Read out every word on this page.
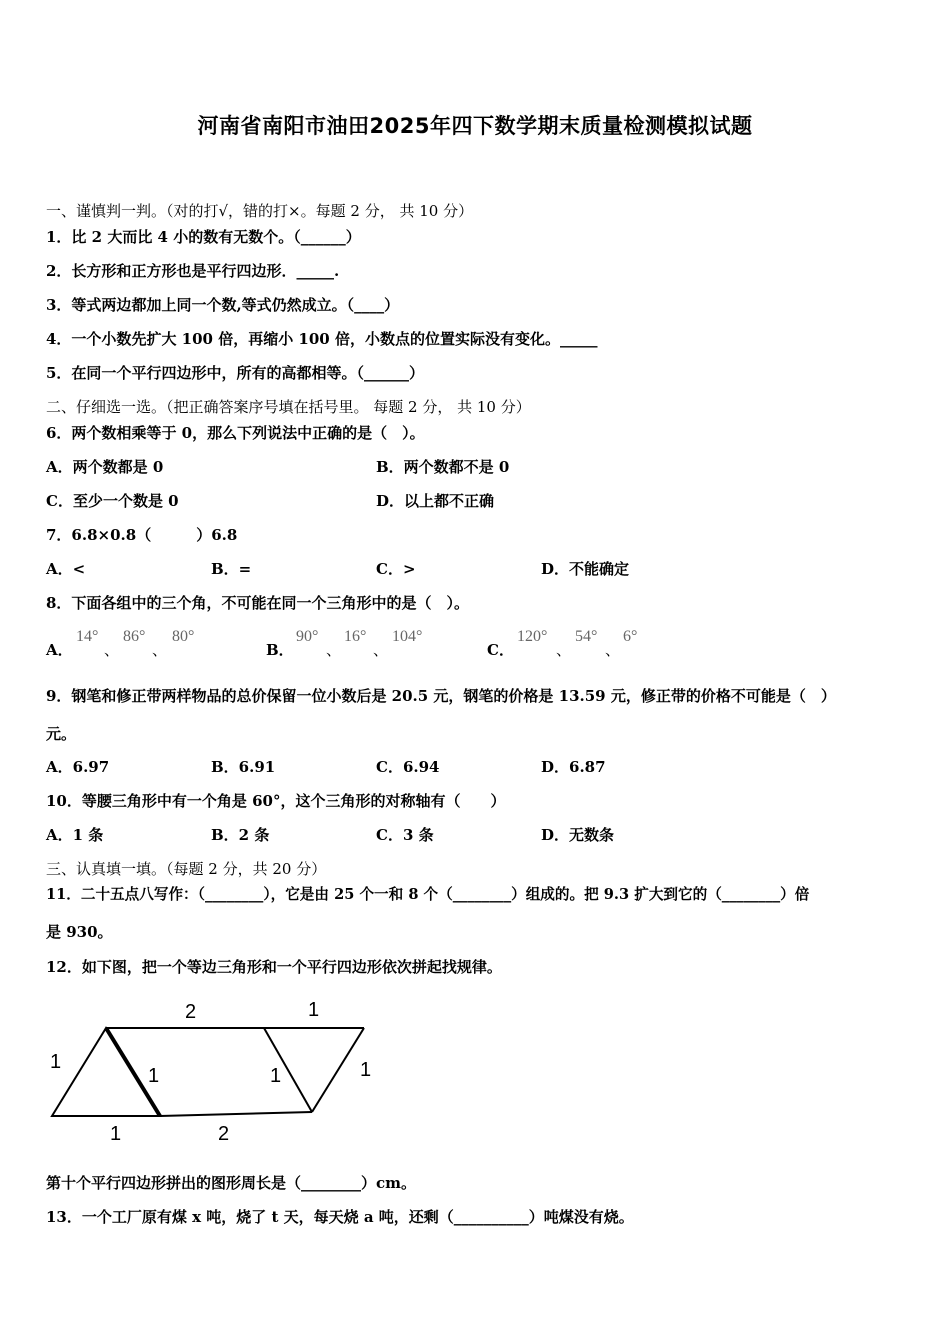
河南省南阳市油田2025年四下数学期末质量检测模拟试题
一、谨慎判一判。（对的打√，错的打×。每题 2 分， 共 10 分）
1．比 2 大而比 4 小的数有无数个。（______）
2．长方形和正方形也是平行四边形．_____.
3．等式两边都加上同一个数,等式仍然成立。（____）
4．一个小数先扩大 100 倍，再缩小 100 倍，小数点的位置实际没有变化。_____
5．在同一个平行四边形中，所有的高都相等。（______）
二、仔细选一选。（把正确答案序号填在括号里。 每题 2 分， 共 10 分）
6．两个数相乘等于 0，那么下列说法中正确的是（　）。
A．两个数都是 0	B．两个数都不是 0
C．至少一个数是 0	D．以上都不正确
7．6.8×0.8（　　　）6.8
A．<	B．=	C．>	D．不能确定
8．下面各组中的三个角，不可能在同一个三角形中的是（　）。
A．
14°
、
86°
、
80°
B．
90°
、
16°
、
104°
C．
120°
、
54°
、
6°
9．钢笔和修正带两样物品的总价保留一位小数后是 20.5 元，钢笔的价格是 13.59 元，修正带的价格不可能是（　）
元。
A．6.97	B．6.91	C．6.94	D．6.87
10．等腰三角形中有一个角是 60°，这个三角形的对称轴有（　　）
A．1 条	B．2 条	C．3 条	D．无数条
三、认真填一填。（每题 2 分，共 20 分）
11．二十五点八写作：（________），它是由 25 个一和 8 个（________）组成的。把 9.3 扩大到它的（________）倍
是 930。
12．如下图，把一个等边三角形和一个平行四边形依次拼起找规律。
2	1
1
1	1	1
1	2
第十个平行四边形拼出的图形周长是（________）cm。
13．一个工厂原有煤 x 吨，烧了 t 天，每天烧 a 吨，还剩（__________）吨煤没有烧。
